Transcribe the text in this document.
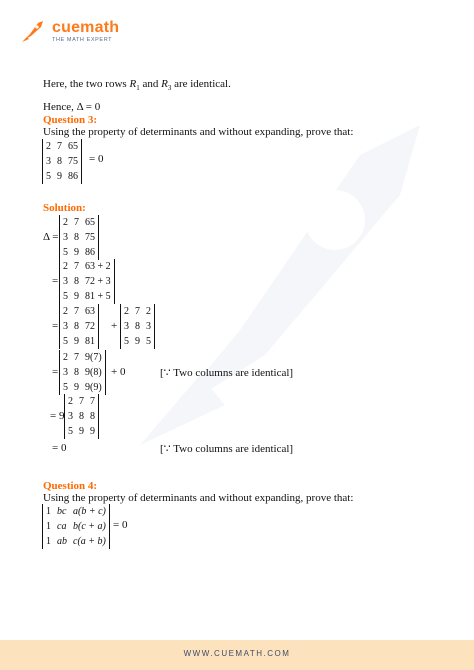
cuemath
THE MATH EXPERT
Here, the two rows $R_1$ and $R_3$ are identical.
Hence, Δ = 0
Question 3:
Using the property of determinants and without expanding, prove that:
2	7	65
3	8	75
5	9	86
= 0
Solution:
Δ =
2	7	65
3	8	75
5	9	86
=
2	7	63 + 2
3	8	72 + 3
5	9	81 + 5
=
2	7	63
3	8	72
5	9	81
+
2	7	2
3	8	3
5	9	5
=
2	7	9(7)
3	8	9(8)
5	9	9(9)
+ 0	[∵ Two columns are identical]
= 9
2	7	7
3	8	8
5	9	9
= 0	[∵ Two columns are identical]
Question 4:
Using the property of determinants and without expanding, prove that:
1	bc	a(b + c)
1	ca	b(c + a)
1	ab	c(a + b)
= 0
WWW.CUEMATH.COM
